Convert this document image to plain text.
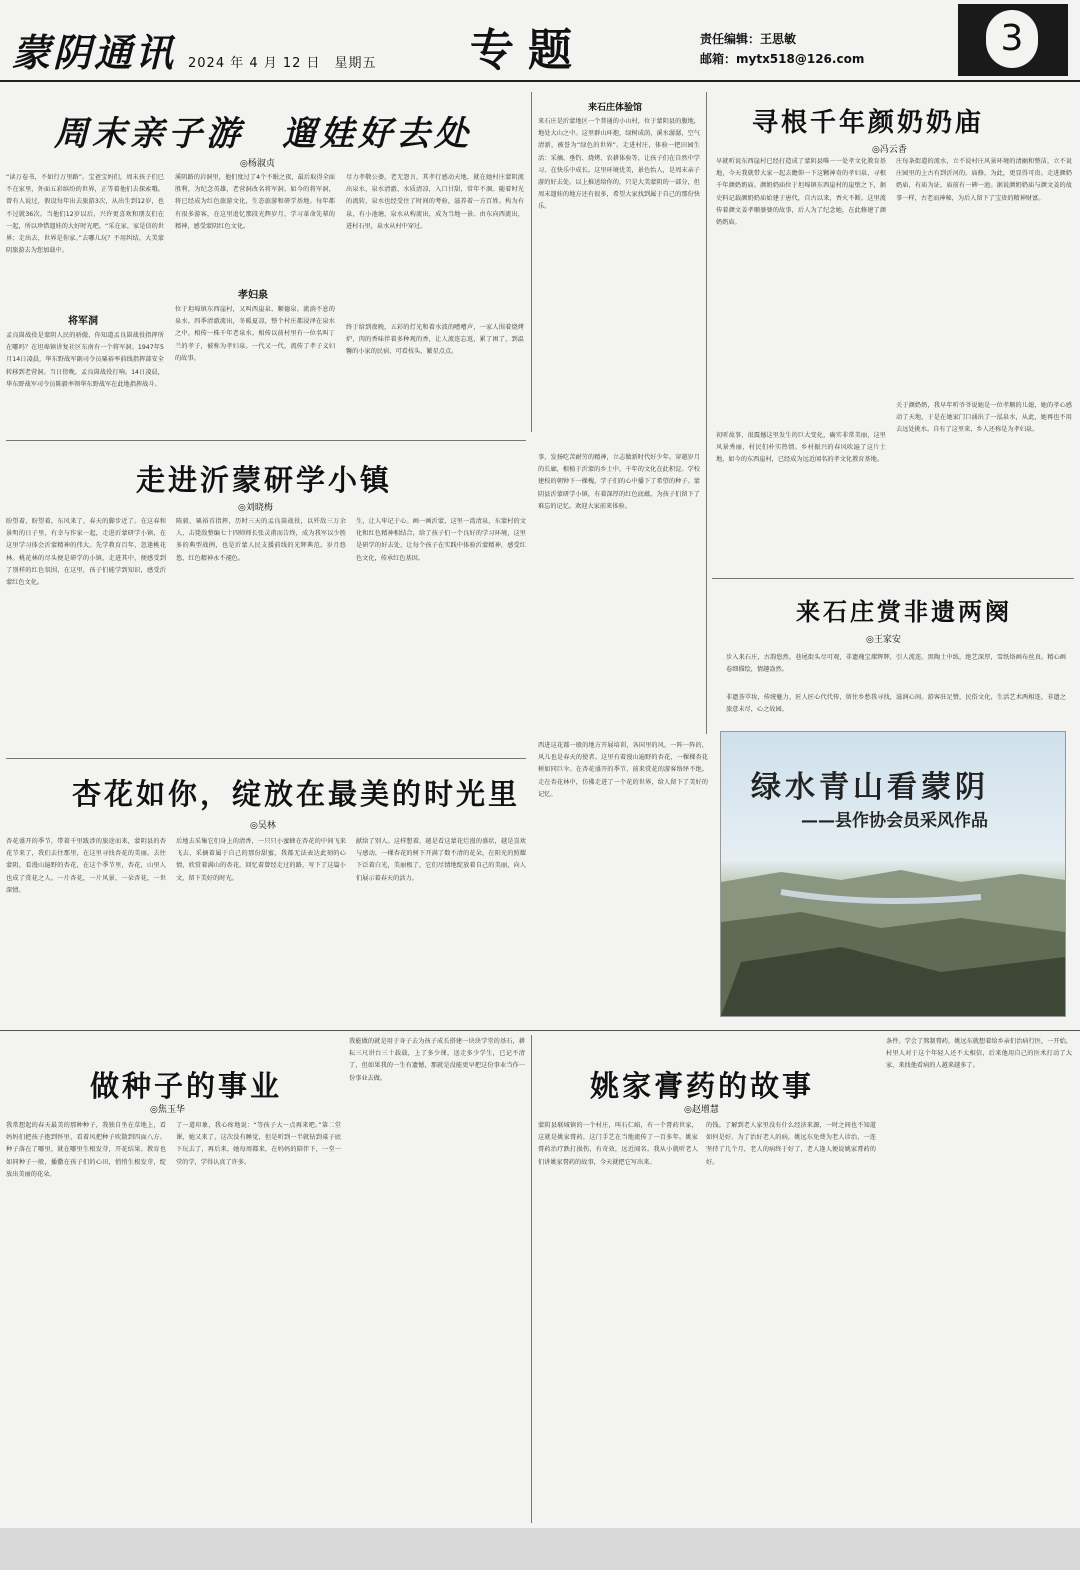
蒙阴通讯 2024 年 4 月 12 日　星期五 专题	责任编辑：王思敏
邮箱：mytx518@126.com	3
周末亲子游　遛娃好去处
◎杨淑贞
“读万卷书，不如行万里路”。宝爸宝妈们，周末孩子们已不在家里，外面五彩缤纷的世界，正等着他们去探索哦。曾有人说过，假设每年出去旅游3次，从出生到12岁，也不过就36次。当他们12岁以后，兴许更喜欢和朋友们在一起，所以珍惜遛娃的大好时光吧。“采在家，家是信的世界；走出去，世界是你家。”去哪儿玩？不用纠结，大美蒙阴旅游去为您加载中。
将军洞
孟良崮战役是蒙阴人民的骄傲，你知道孟良崮战役指挥所在哪吗？在坦埠镇讲复社区东南有一个将军洞。1947年5月14日凌晨，华东野战军副司令员粟裕率前线指挥部安全转移到老营洞。当日傍晚，孟良崮战役打响。14日凌晨，华东野战军司令员陈毅率领华东野战军在此地指挥战斗。
溪阴路的岩洞里，他们度过了4个不眠之夜，最后取得全面胜利，为纪念英雄，老营洞改名将军洞。如今的将军洞，将已经成为红色旅游文化，生态旅游和研学基地。每年都有很多游客，在这里追忆那段光辉岁月，学习革命先辈的精神，感受蒙阴红色文化。
孝妇泉
位于坦埠镇东西崖村，又叫西崖泉、顺德泉。流淌不息的泉水，四季清澈流出，冬暖夏凉，整个村庄都浸泽在泉水之中，相传一株千年老泉水。相传以前村里有一位名叫丁兰的孝子，被称为孝妇泉。一代又一代，流传了孝子义妇的故事。
尽力孝敬公婆，老无怨言，其孝行感动天地，就在她村庄蒙阴流出泉水，泉水清澈、水质清凉，入口甘甜，常年不涸。随着时光的流转，泉水也经受住了时间的考验，滋养着一方百姓。构为有泉，有小池塘，泉水从构流出，成为当地一景。由东向西流出，进村石里，泉水从村中穿过。
终于给到夜晚，五彩的灯光和着水波的嘈嘈声，一家人围着烧烤炉，肉的香味伴着多种观的香，让人流连忘返，累了困了，到温馨的小家的民宿，可看枝头，繁星点点。
来石庄体验馆
来石庄是沂蒙地区一个普通的小山村，位于蒙阴县的腹地，地处大山之中。这里群山环抱，绿树成荫，溪水潺潺，空气清新，被誉为“绿色的世界”。走进村庄，体验一把田园生活：采摘、垂钓、烧烤、农耕体验等，让孩子们在自然中学习、在快乐中成长。这里环境优美，景色怡人，是周末亲子游的好去处。以上推送给你的，只是大美蒙阴的一部分，但周末遛娃的地方还有很多，希望大家找到属于自己的那份快乐。
事，发扬吃苦耐劳的精神，立志做新时代好少年。穿越岁月的长廊，根植于沂蒙的乡土中，千年的文化在此积淀。学校建校的朝钟下一棵槐，学子们的心中播下了希望的种子。蒙阴县沂蒙研学小镇，有着深厚的红色底蕴，为孩子们留下了难忘的记忆。欢迎大家前来体验。
寻根千年颜奶奶庙
◎冯云香
早就听说东西崖村已经打造成了蒙阴县唯一一处孝文化教育基地，今天我就带大家一起去瞻仰一下这颗神奇的孝妇泉，寻根千年颜奶奶庙。颜奶奶庙位于坦埠镇东西崖村的崖壁之下，据史料记载颜奶奶庙始建于唐代，自古以来，香火不断。这里流传着颜文姜孝顺婆婆的故事，后人为了纪念她，在此修建了颜奶奶庙。
初听故事，很震撼这里发生的巨大变化，确实非常美丽，这里风景秀丽，村民们朴实热情。乡村振兴的春风吹遍了这片土地，如今的东西崖村，已经成为远近闻名的孝文化教育基地。
庄每条街道的流水，立不说村庄风景环境的清幽和整洁，立不说庄园里的上古有到沂河的。庙修，为此，更显得可贵。走进颜奶奶庙，有庙为证，庙前有一碑一池。据说颜奶奶庙与颜文姜的故事一样，古老而神秘，为后人留下了宝贵的精神财富。
关于颜奶奶，我早年听爷爷说她是一位孝顺的儿媳，她的孝心感动了天地，于是在她家门口涌出了一泓泉水，从此，她再也不用去远处挑水。自有了这里来，乡人还称是为孝妇泉。
走进沂蒙研学小镇
◎刘晓梅
盼望着，盼望着，东风来了，春天的脚步近了。在这春和景明的日子里，有幸与作家一起，走进沂蒙研学小镇，在这里学习体会沂蒙精神的伟大。先学教育百年，忽逢桃花林。桃花林的尽头便是研学的小镇，走进其中，便感受到了别样的红色氛围，在这里，孩子们能学到知识，感受沂蒙红色文化。
陈毅、粟裕首指挥，历时三天的孟良崮战役，以歼敌三万余人、击毙敌整编七十四师师长张灵甫而告终，成为我军以少胜多的典型战例，也是沂蒙人民支援前线的光辉典范。岁月悠悠，红色精神永不褪色。
生，让人牢记于心。画一画沂蒙，这里一湾清泉，东蒙村的文化和红色精神相结合，给了孩子们一个良好的学习环境，这里是研学的好去处，让每个孩子在实践中体验沂蒙精神，感受红色文化，传承红色基因。
来石庄赏非遗两阕
◎王家安
步入来石庄，古韵悠然，巷尾街头尽可观，非遗瑰宝璨辉辉，引人流连。黑陶土中练，绝艺深厚，雪纸烙画布丝真。精心画卷细描绘，情趣盎然。
非遗荟萃妆，传统魅力，匠人匠心代代传，留住乡愁我寻找，滋润心间。游客驻足赞，民俗文化，生活艺术两相连，非遗之旅意未尽，心之故园。
杏花如你，绽放在最美的时光里
◎吴林
杏花盛开的季节，带着千里跋涉的旅途而来，蒙阴县的杏花节来了，我们去往那里，在这里寻找杏花的美丽。去往蒙阴，看漫山遍野的杏花，在这个季节里，杏花，山里人也成了赏花之人。一片杏花，一片风景，一朵杏花，一世深情。
后地去采集它们身上的清香，一只只小蜜蜂在杏花的中间飞来飞去，采摘着属于自己的那份甜蜜，我都无法表达此刻的心情，欣赏着满山的杏花，回忆着曾经走过的路，写下了这篇小文，留下美好的时光。
献给了别人。这样想着，越是看这蒙花烂漫的盛状，越是喜欢与感动，一棵杏花的树下开满了数不清的花朵，在阳光的照耀下泛着白光，美丽极了，它们尽情地绽放着自己的美丽，向人们展示着春天的活力。
西进这花都一般的地方开展培训，各国里的风，一阵一阵的，风儿也是春天的使者。这里有着漫山遍野的杏花，一棵棵杏花树如同巨伞。在杏花盛开的季节，前来赏花的游客络绎不绝。走在杏花林中，仿佛走进了一个花的世界，给人留下了美好的记忆。	绿水青山看蒙阴
——县作协会员采风作品
做种子的事业
◎焦玉华
我常想起的春天最美的那种种子，我独自坐在草地上，看妈妈们把孩子抱到怀里，看着风把种子吹散到四面八方。种子落在了哪里，就在哪里生根发芽，开花结果。教育也如同种子一般，播撒在孩子们的心田，悄悄生根发芽，绽放出美丽的花朵。
了一道印象，我心疼地说：“等孩子大一点再来吧。”第二堂课，她又来了，这次没有睡觉，但是听到一半就钻到桌子底下玩去了，再后来，她每周都来，在妈妈的陪伴下，一堂一堂的学，学得认真了许多。
我能做的就是用于身子去为孩子成长搭建一块块学堂的基石，耕耘三尺讲台三十载载，上了多少课，送走多少学生，已记不清了，但如果我的一生有遗憾，那就是没能更早把这份事业当作一份事业去做。	姚家膏药的故事
◎赵增慧
蒙阴县联城镇的一个村庄，叫石仁峪，有一个膏药世家，这就是姚家膏药，这门手艺在当地流传了一百多年。姚家膏药治疗跌打损伤，有奇效，远近闻名。我从小就听老人们讲姚家膏药的故事，今天就把它写出来。
的钱。了解到老人家里没有什么经济来源，一时之间也不知道如何是好。为了治好老人的病，姚远东免费为老人诊治，一连坚持了几个月，老人的病终于好了，老人逢人便说姚家膏药的好。
条件。学会了熬制膏药，姚远东就想着给乡亲们治病行医，一开始，村里人对于这个年轻人还不太相信，后来他用自己的医术打动了大家，来找他看病的人越来越多了。
